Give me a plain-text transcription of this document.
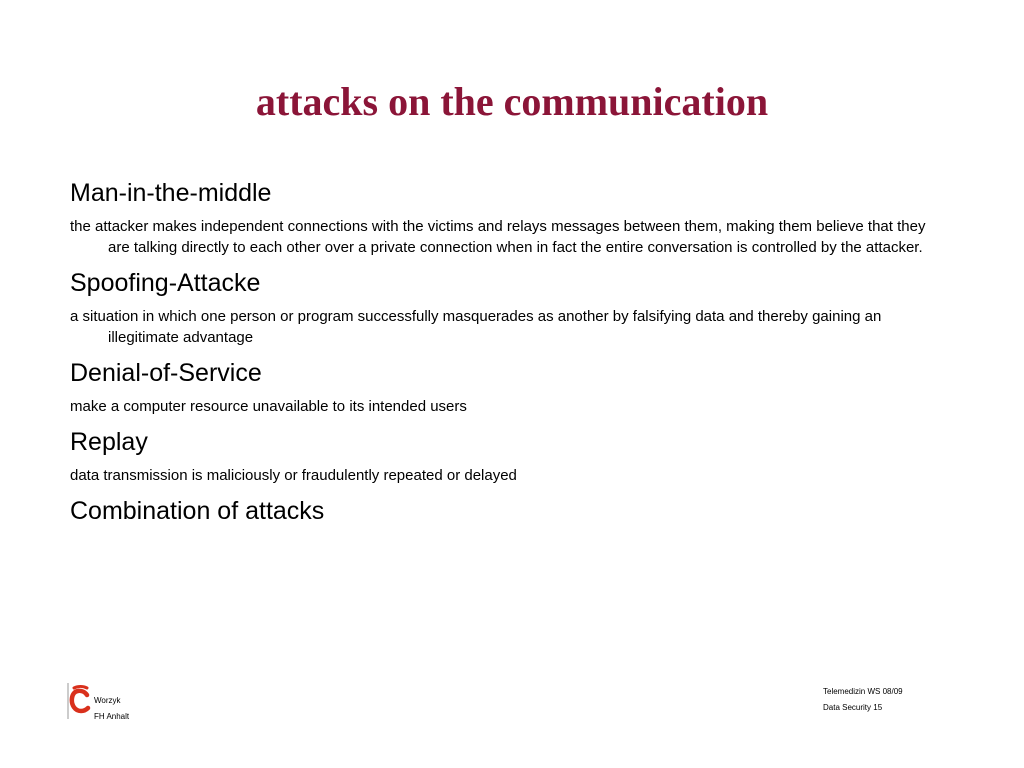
attacks on the communication
Man-in-the-middle
the attacker makes independent connections with the victims and relays messages between them, making them believe that they are talking directly to each other over a private connection when in fact the entire conversation is controlled by the attacker.
Spoofing-Attacke
a situation in which one person or program successfully masquerades as another by falsifying data and thereby gaining an illegitimate advantage
Denial-of-Service
make a computer resource unavailable to its intended users
Replay
data transmission is maliciously or fraudulently repeated or delayed
Combination of attacks
Worzyk
FH Anhalt
Telemedizin WS 08/09
Data Security 15
